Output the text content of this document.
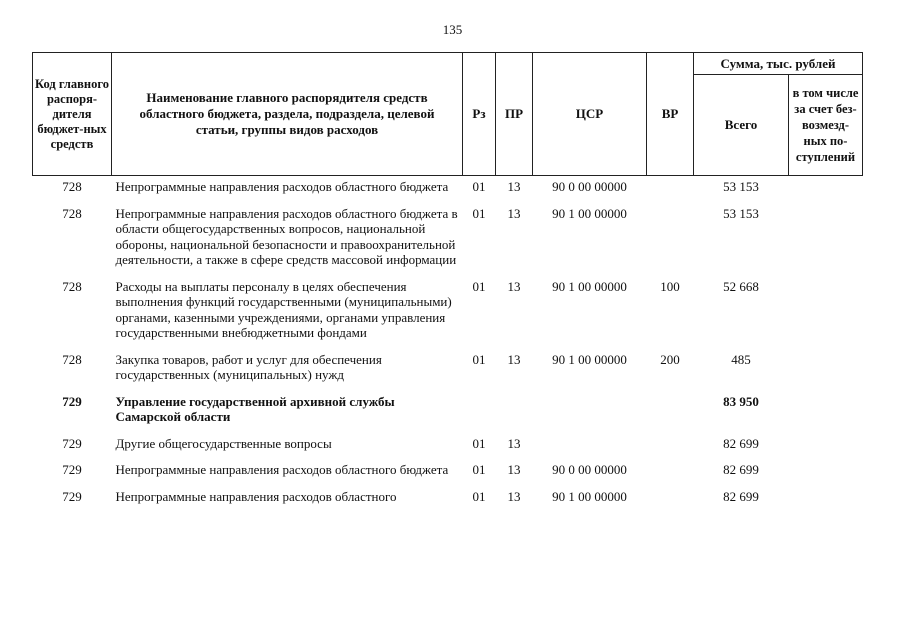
135
Код главного распоря-дителя бюджет-ных средств	Наименование главного распорядителя средств областного бюджета, раздела, подраздела, целевой статьи, группы видов расходов	Рз	ПР	ЦСР	ВР	Сумма, тыс. рублей	
						Всего	в том числе за счет без-возмезд-ных по-ступлений
728	Непрограммные направления расходов областного бюджета	01	13	90 0 00 00000		53 153	
728	Непрограммные направления расходов областного бюджета в области общегосударственных вопросов, национальной обороны, национальной безопасности и правоохранительной деятельности, а также в сфере средств массовой информации	01	13	90 1 00 00000		53 153	
728	Расходы на выплаты персоналу в целях обеспечения выполнения функций государственными (муниципальными) органами, казенными учреждениями, органами управления государственными внебюджетными фондами	01	13	90 1 00 00000	100	52 668	
728	Закупка товаров, работ и услуг для обеспечения государственных (муниципальных) нужд	01	13	90 1 00 00000	200	485	
729	Управление государственной архивной службы Самарской области					83 950	
729	Другие общегосударственные вопросы	01	13			82 699	
729	Непрограммные направления расходов областного бюджета	01	13	90 0 00 00000		82 699	
729	Непрограммные направления расходов областного	01	13	90 1 00 00000		82 699	
